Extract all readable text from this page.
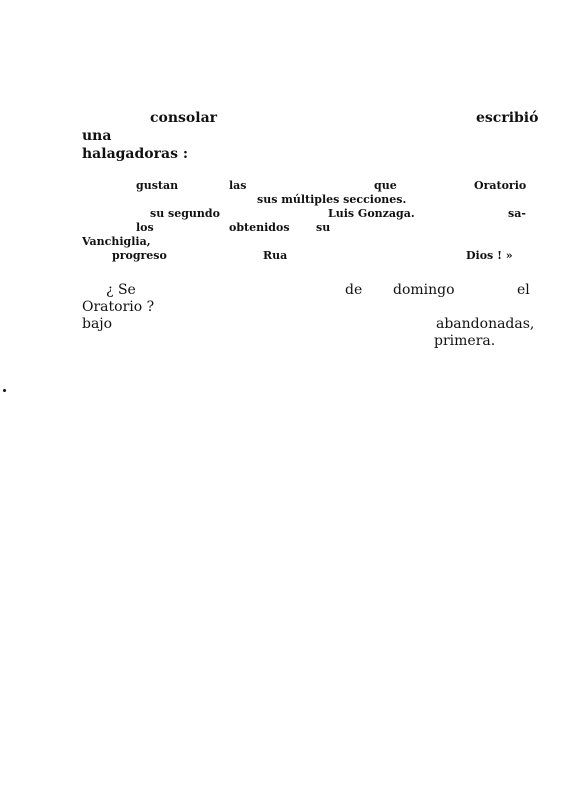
consolar	escribió
una
halagadoras :
gustan	las	que	Oratorio
sus múltiples secciones.
su segundo	Luis Gonzaga.	sa-
los	obtenidos su
Vanchiglia,
progreso	Rua	Dios ! »
¿ Se	de domingo	el
Oratorio ?
bajo	abandonadas,
primera.
